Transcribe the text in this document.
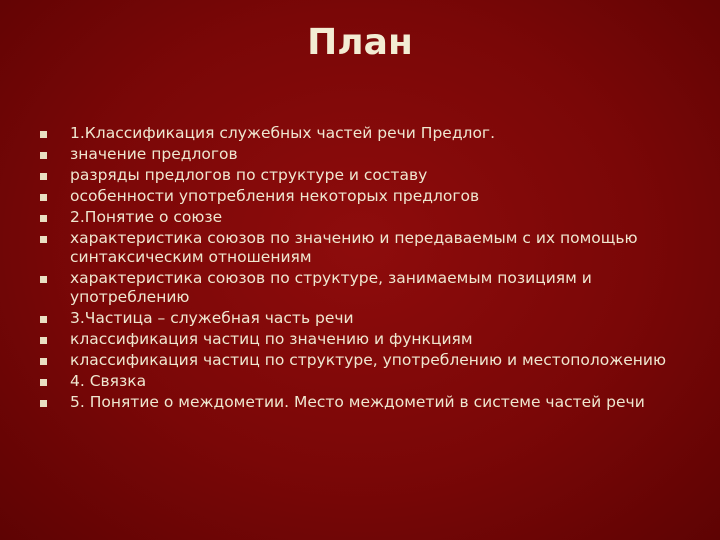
План
1.Классификация служебных частей речи Предлог.
значение предлогов
разряды предлогов по структуре и составу
особенности употребления некоторых предлогов
2.Понятие о союзе
характеристика союзов по значению и передаваемым с их помощью синтаксическим отношениям
характеристика союзов по структуре, занимаемым позициям и употреблению
3.Частица – служебная часть речи
классификация частиц по значению и функциям
классификация частиц по структуре, употреблению и местоположению
4. Связка
5. Понятие о междометии. Место междометий в системе частей речи
